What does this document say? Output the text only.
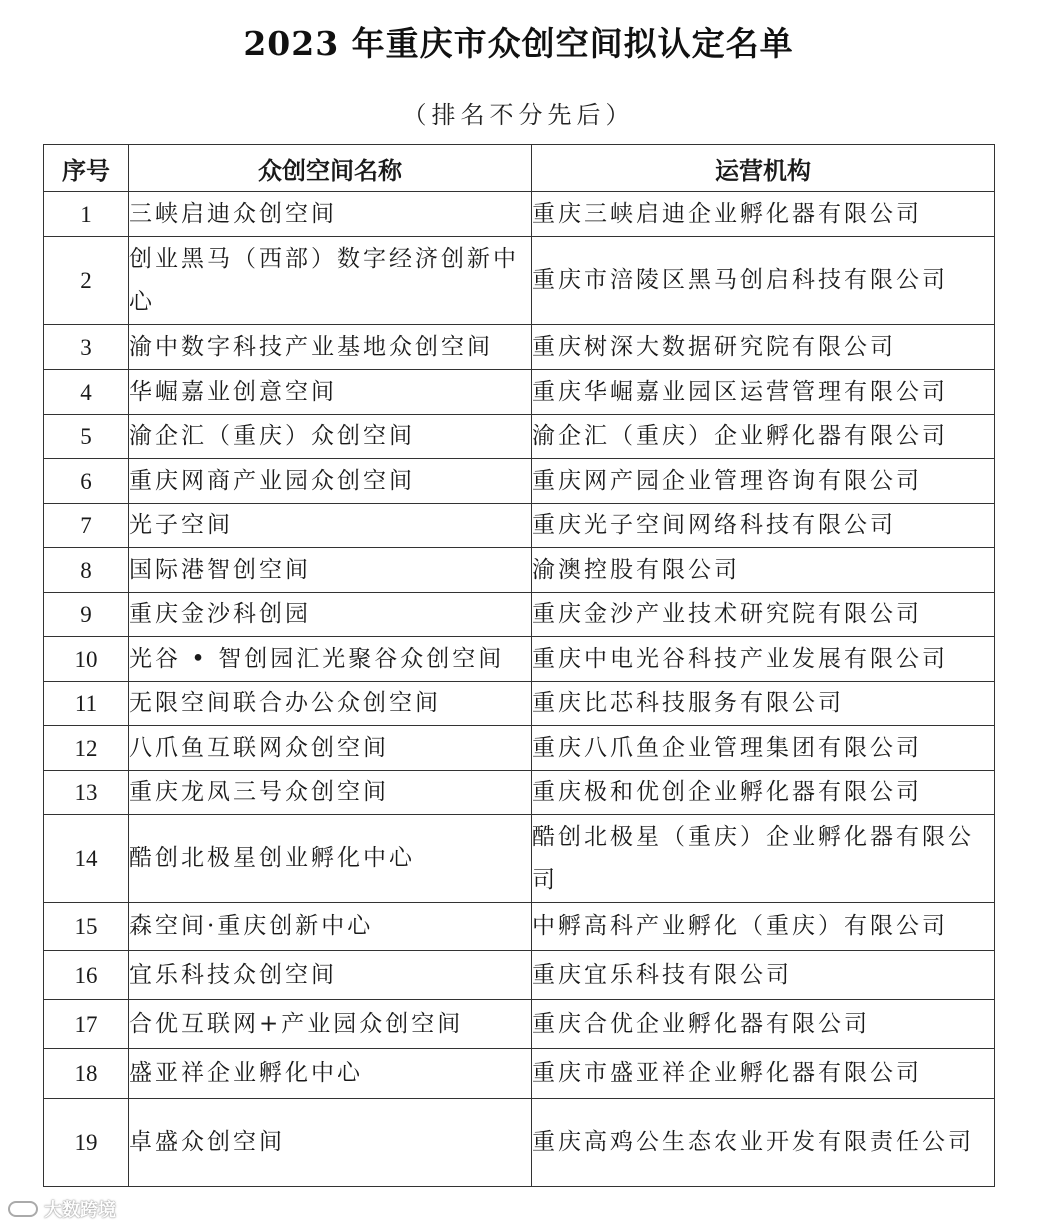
2023 年重庆市众创空间拟认定名单
（排名不分先后）
序号	众创空间名称	运营机构
1	三峡启迪众创空间	重庆三峡启迪企业孵化器有限公司
2	创业黑马（西部）数字经济创新中心	重庆市涪陵区黑马创启科技有限公司
3	渝中数字科技产业基地众创空间	重庆树深大数据研究院有限公司
4	华崛嘉业创意空间	重庆华崛嘉业园区运营管理有限公司
5	渝企汇（重庆）众创空间	渝企汇（重庆）企业孵化器有限公司
6	重庆网商产业园众创空间	重庆网产园企业管理咨询有限公司
7	光子空间	重庆光子空间网络科技有限公司
8	国际港智创空间	渝澳控股有限公司
9	重庆金沙科创园	重庆金沙产业技术研究院有限公司
10	光谷 • 智创园汇光聚谷众创空间	重庆中电光谷科技产业发展有限公司
11	无限空间联合办公众创空间	重庆比芯科技服务有限公司
12	八爪鱼互联网众创空间	重庆八爪鱼企业管理集团有限公司
13	重庆龙凤三号众创空间	重庆极和优创企业孵化器有限公司
14	酷创北极星创业孵化中心	酷创北极星（重庆）企业孵化器有限公司
15	森空间·重庆创新中心	中孵高科产业孵化（重庆）有限公司
16	宜乐科技众创空间	重庆宜乐科技有限公司
17	合优互联网+产业园众创空间	重庆合优企业孵化器有限公司
18	盛亚祥企业孵化中心	重庆市盛亚祥企业孵化器有限公司
19	卓盛众创空间	重庆高鸡公生态农业开发有限责任公司
大数跨境
